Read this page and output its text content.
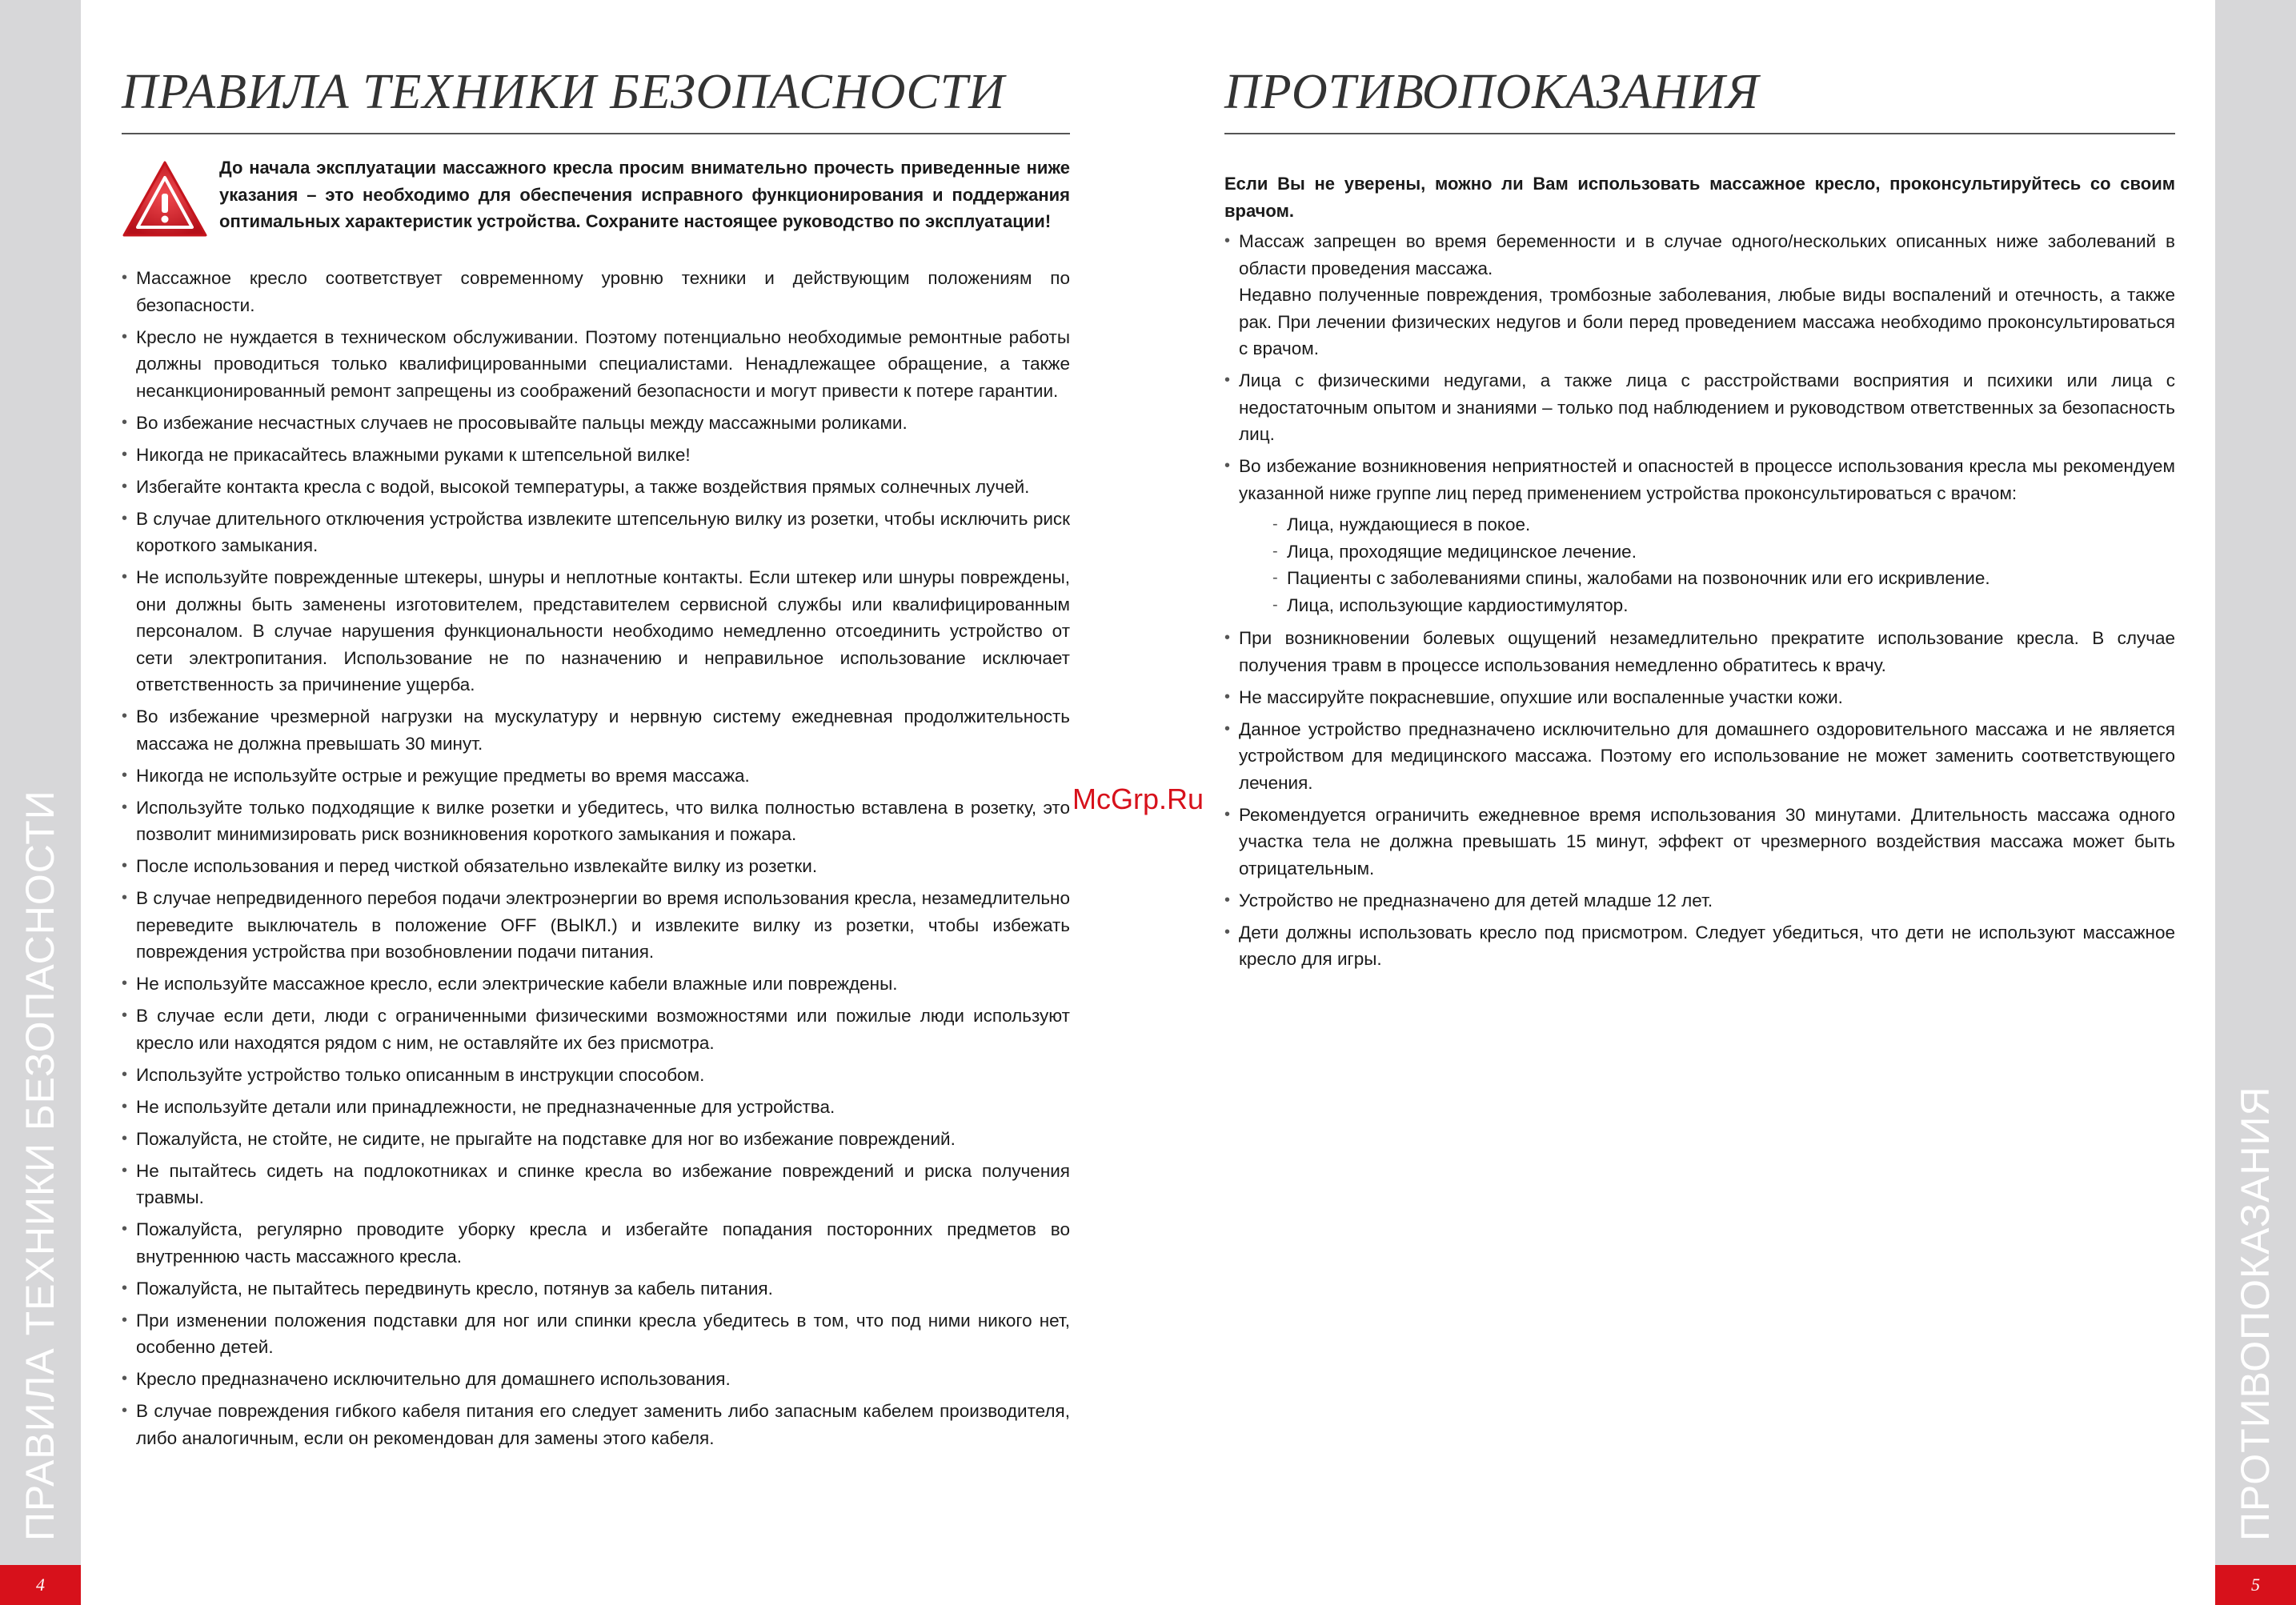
ПРАВИЛА ТЕХНИКИ БЕЗОПАСНОСТИ
4
ПРОТИВОПОКАЗАНИЯ
5
ПРАВИЛА ТЕХНИКИ БЕЗОПАСНОСТИ

До начала эксплуатации массажного кресла просим внимательно прочесть приведенные ниже указания – это необходимо для обеспечения исправного функционирования и поддержания оптимальных характеристик устройства. Сохраните настоящее руководство по эксплуатации!

• Массажное кресло соответствует современному уровню техники и действующим положениям по безопасности.
• Кресло не нуждается в техническом обслуживании. Поэтому потенциально необходимые ремонтные работы должны проводиться только квалифицированными специалистами. Ненадлежащее обращение, а также несанкционированный ремонт запрещены из соображений безопасности и могут привести к потере гарантии.
• Во избежание несчастных случаев не просовывайте пальцы между массажными роликами.
• Никогда не прикасайтесь влажными руками к штепсельной вилке!
• Избегайте контакта кресла с водой, высокой температуры, а также воздействия прямых солнечных лучей.
• В случае длительного отключения устройства извлеките штепсельную вилку из розетки, чтобы исключить риск короткого замыкания.
• Не используйте поврежденные штекеры, шнуры и неплотные контакты. Если штекер или шнуры повреждены, они должны быть заменены изготовителем, представителем сервисной службы или квалифицированным персоналом. В случае нарушения функциональности необходимо немедленно отсоединить устройство от сети электропитания. Использование не по назначению и неправильное использование исключает ответственность за причинение ущерба.
• Во избежание чрезмерной нагрузки на мускулатуру и нервную систему ежедневная продолжительность массажа не должна превышать 30 минут.
• Никогда не используйте острые и режущие предметы во время массажа.
• Используйте только подходящие к вилке розетки и убедитесь, что вилка полностью вставлена в розетку, это позволит минимизировать риск возникновения короткого замыкания и пожара.
• После использования и перед чисткой обязательно извлекайте вилку из розетки.
• В случае непредвиденного перебоя подачи электроэнергии во время использования кресла, незамедлительно переведите выключатель в положение OFF (ВЫКЛ.) и извлеките вилку из розетки, чтобы избежать повреждения устройства при возобновлении подачи питания.
• Не используйте массажное кресло, если электрические кабели влажные или повреждены.
• В случае если дети, люди с ограниченными физическими возможностями или пожилые люди используют кресло или находятся рядом с ним, не оставляйте их без присмотра.
• Используйте устройство только описанным в инструкции способом.
• Не используйте детали или принадлежности, не предназначенные для устройства.
• Пожалуйста, не стойте, не сидите, не прыгайте на подставке для ног во избежание повреждений.
• Не пытайтесь сидеть на подлокотниках и спинке кресла во избежание повреждений и риска получения травмы.
• Пожалуйста, регулярно проводите уборку кресла и избегайте попадания посторонних предметов во внутреннюю часть массажного кресла.
• Пожалуйста, не пытайтесь передвинуть кресло, потянув за кабель питания.
• При изменении положения подставки для ног или спинки кресла убедитесь в том, что под ними никого нет, особенно детей.
• Кресло предназначено исключительно для домашнего использования.
• В случае повреждения гибкого кабеля питания его следует заменить либо запасным кабелем производителя, либо аналогичным, если он рекомендован для замены этого кабеля.
ПРОТИВОПОКАЗАНИЯ

Если Вы не уверены, можно ли Вам использовать массажное кресло, проконсультируйтесь со своим врачом.

• Массаж запрещен во время беременности и в случае одного/нескольких описанных ниже заболеваний в области проведения массажа.

Недавно полученные повреждения, тромбозные заболевания, любые виды воспалений и отечность, а также рак. При лечении физических недугов и боли перед проведением массажа необходимо проконсультироваться с врачом.

• Лица с физическими недугами, а также лица с расстройствами восприятия и психики или лица с недостаточным опытом и знаниями – только под наблюдением и руководством ответственных за безопасность лиц.

• Во избежание возникновения неприятностей и опасностей в процессе использования кресла мы рекомендуем указанной ниже группе лиц перед применением устройства проконсультироваться с врачом:

- Лица, нуждающиеся в покое.
- Лица, проходящие медицинское лечение.
- Пациенты с заболеваниями спины, жалобами на позвоночник или его искривление.
- Лица, использующие кардиостимулятор.

• При возникновении болевых ощущений незамедлительно прекратите использование кресла. В случае получения травм в процессе использования немедленно обратитесь к врачу.

• Не массируйте покрасневшие, опухшие или воспаленные участки кожи.

• Данное устройство предназначено исключительно для домашнего оздоровительного массажа и не является устройством для медицинского массажа. Поэтому его использование не может заменить соответствующего лечения.

• Рекомендуется ограничить ежедневное время использования 30 минутами. Длительность массажа одного участка тела не должна превышать 15 минут, эффект от чрезмерного воздействия массажа может быть отрицательным.

• Устройство не предназначено для детей младше 12 лет.

• Дети должны использовать кресло под присмотром. Следует убедиться, что дети не используют массажное кресло для игры.

McGrp.Ru
